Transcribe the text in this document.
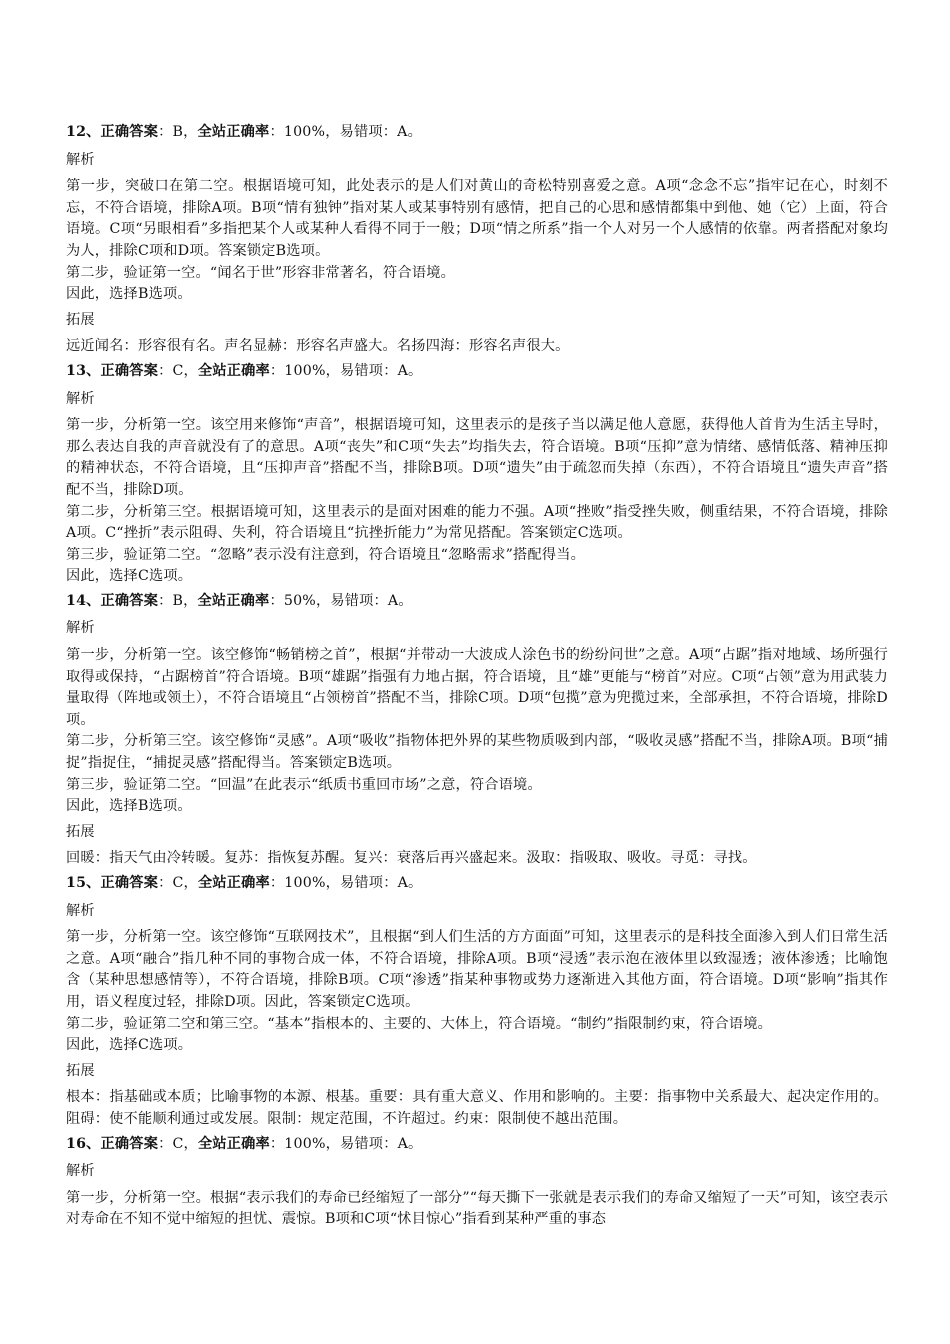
12、正确答案：B，全站正确率：100%，易错项：A。

解析

第一步，突破口在第二空。根据语境可知，此处表示的是人们对黄山的奇松特别喜爱之意。A项“念念不忘”指牢记在心，时刻不忘，不符合语境，排除A项。B项“情有独钟”指对某人或某事特别有感情，把自己的心思和感情都集中到他、她（它）上面，符合语境。C项“另眼相看”多指把某个人或某种人看得不同于一般；D项“情之所系”指一个人对另一个人感情的依靠。两者搭配对象均为人，排除C项和D项。答案锁定B选项。

第二步，验证第一空。“闻名于世”形容非常著名，符合语境。

因此，选择B选项。

拓展

远近闻名：形容很有名。声名显赫：形容名声盛大。名扬四海：形容名声很大。

13、正确答案：C，全站正确率：100%，易错项：A。

解析

第一步，分析第一空。该空用来修饰“声音”，根据语境可知，这里表示的是孩子当以满足他人意愿，获得他人首肯为生活主导时，那么表达自我的声音就没有了的意思。A项“丧失”和C项“失去”均指失去，符合语境。B项“压抑”意为情绪、感情低落、精神压抑的精神状态，不符合语境，且“压抑声音”搭配不当，排除B项。D项“遗失”由于疏忽而失掉（东西），不符合语境且“遗失声音”搭配不当，排除D项。

第二步，分析第三空。根据语境可知，这里表示的是面对困难的能力不强。A项“挫败”指受挫失败，侧重结果，不符合语境，排除A项。C“挫折”表示阻碍、失利，符合语境且“抗挫折能力”为常见搭配。答案锁定C选项。

第三步，验证第二空。“忽略”表示没有注意到，符合语境且“忽略需求”搭配得当。

因此，选择C选项。

14、正确答案：B，全站正确率：50%，易错项：A。

解析

第一步，分析第一空。该空修饰“畅销榜之首”，根据“并带动一大波成人涂色书的纷纷问世”之意。A项“占踞”指对地域、场所强行取得或保持，“占踞榜首”符合语境。B项“雄踞”指强有力地占据，符合语境，且“雄”更能与“榜首”对应。C项“占领”意为用武装力量取得（阵地或领土），不符合语境且“占领榜首”搭配不当，排除C项。D项“包揽”意为兜揽过来，全部承担，不符合语境，排除D项。

第二步，分析第三空。该空修饰“灵感”。A项“吸收”指物体把外界的某些物质吸到内部，“吸收灵感”搭配不当，排除A项。B项“捕捉”指捉住，“捕捉灵感”搭配得当。答案锁定B选项。

第三步，验证第二空。“回温”在此表示“纸质书重回市场”之意，符合语境。

因此，选择B选项。

拓展

回暖：指天气由冷转暖。复苏：指恢复苏醒。复兴：衰落后再兴盛起来。汲取：指吸取、吸收。寻觅：寻找。

15、正确答案：C，全站正确率：100%，易错项：A。

解析

第一步，分析第一空。该空修饰“互联网技术”，且根据“到人们生活的方方面面”可知，这里表示的是科技全面渗入到人们日常生活之意。A项“融合”指几种不同的事物合成一体，不符合语境，排除A项。B项“浸透”表示泡在液体里以致湿透；液体渗透；比喻饱含（某种思想感情等），不符合语境，排除B项。C项“渗透”指某种事物或势力逐渐进入其他方面，符合语境。D项“影响”指其作用，语义程度过轻，排除D项。因此，答案锁定C选项。

第二步，验证第二空和第三空。“基本”指根本的、主要的、大体上，符合语境。“制约”指限制约束，符合语境。

因此，选择C选项。

拓展

根本：指基础或本质；比喻事物的本源、根基。重要：具有重大意义、作用和影响的。主要：指事物中关系最大、起决定作用的。阻碍：使不能顺利通过或发展。限制：规定范围，不许超过。约束：限制使不越出范围。

16、正确答案：C，全站正确率：100%，易错项：A。

解析

第一步，分析第一空。根据“表示我们的寿命已经缩短了一部分”“每天撕下一张就是表示我们的寿命又缩短了一天”可知，该空表示对寿命在不知不觉中缩短的担忧、震惊。B项和C项“怵目惊心”指看到某种严重的事态
